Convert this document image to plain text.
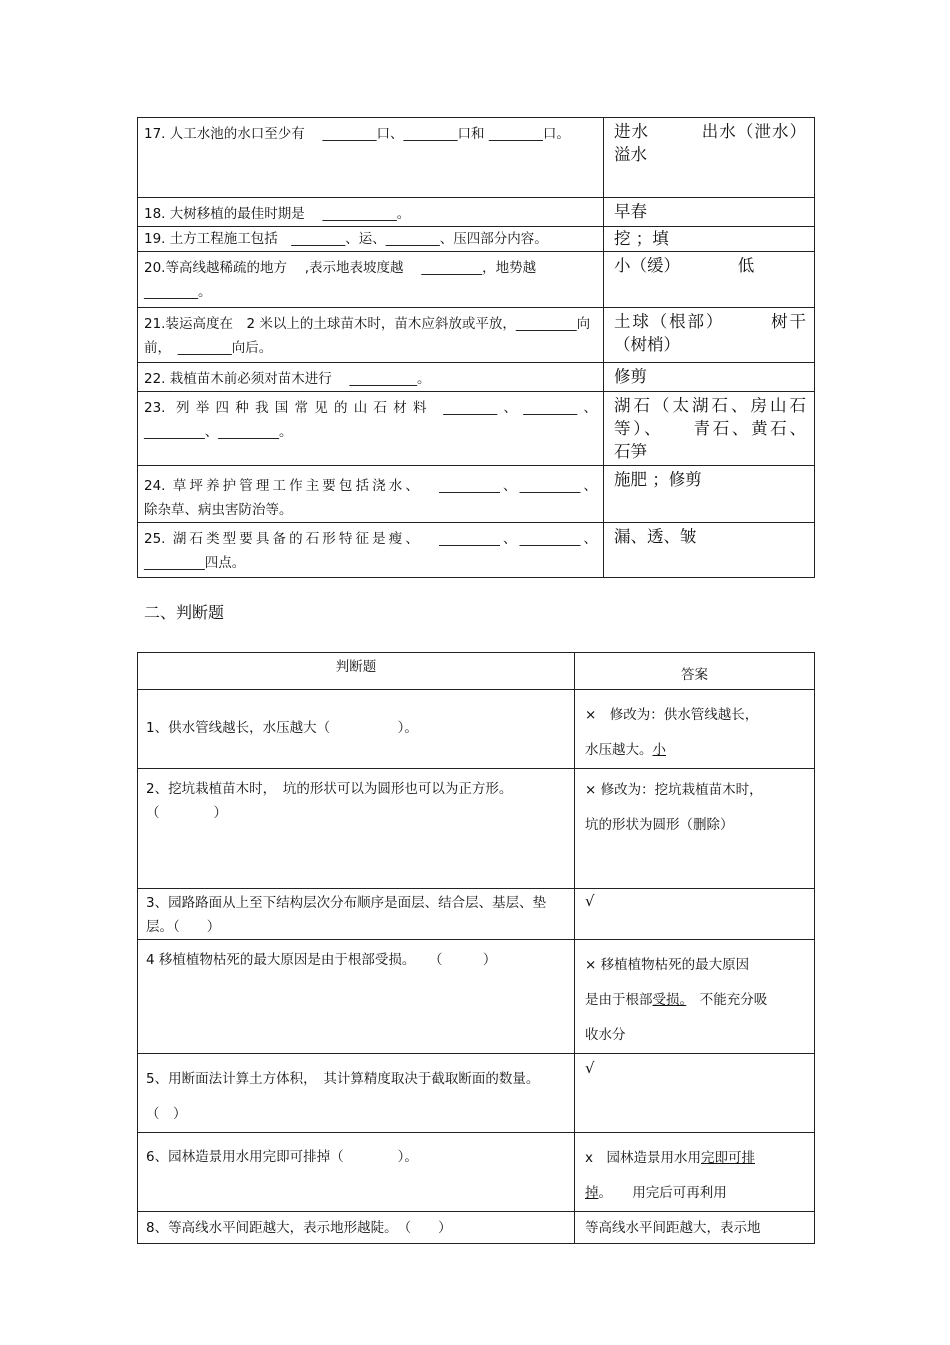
17. 人工水池的水口至少有　 ________口、________口和 ________口。	进水　　　出水（泄水）
溢水
18. 大树移植的最佳时期是　 ___________。	早春
19. 土方工程施工包括　________、运、________、压四部分内容。	挖 ；填
20.等高线越稀疏的地方　 ,表示地表坡度越　 _________，地势越 ________。	小（缓）　　　　低
21.装运高度在　2 米以上的土球苗木时，苗木应斜放或平放，_________向前，　________向后。	土球（根部）　　　树干
（树梢）
22. 栽植苗木前必须对苗木进行　 __________。	修剪

23. 列举四种我国常见的山石材料 ________、________、
_________、_________。	湖石（太湖石、房山石
等）、　　青石、黄石、
石笋

24. 草坪养护管理工作主要包括浇水、　 _________、_________、
除杂草、病虫害防治等。	施肥 ；修剪

25. 湖石类型要具备的石形特征是瘦、　 _________、_________、
_________四点。	漏、透、皱
二、判断题
判断题	答案
1、供水管线越长，水压越大（　　　　　）。	×　修改为：供水管线越长，
水压越大。小

2、挖坑栽植苗木时，　坑的形状可以为圆形也可以为正方形。（　　　　）	× 修改为：挖坑栽植苗木时，
坑的形状为圆形（删除）

3、园路路面从上至下结构层次分布顺序是面层、结合层、基层、垫层。（　　）	√
4 移植植物枯死的最大原因是由于根部受损。　　（　　　）	× 移植植物枯死的最大原因
是由于根部受损。　不能充分吸
收水分

5、用断面法计算土方体积，　其计算精度取决于截取断面的数量。（　）	√
6、园林造景用水用完即可排掉（　　　　）。	x　园林造景用水用完即可排
掉。　　用完后可再利用

8、等高线水平间距越大，表示地形越陡。　（　　）	等高线水平间距越大，表示地
